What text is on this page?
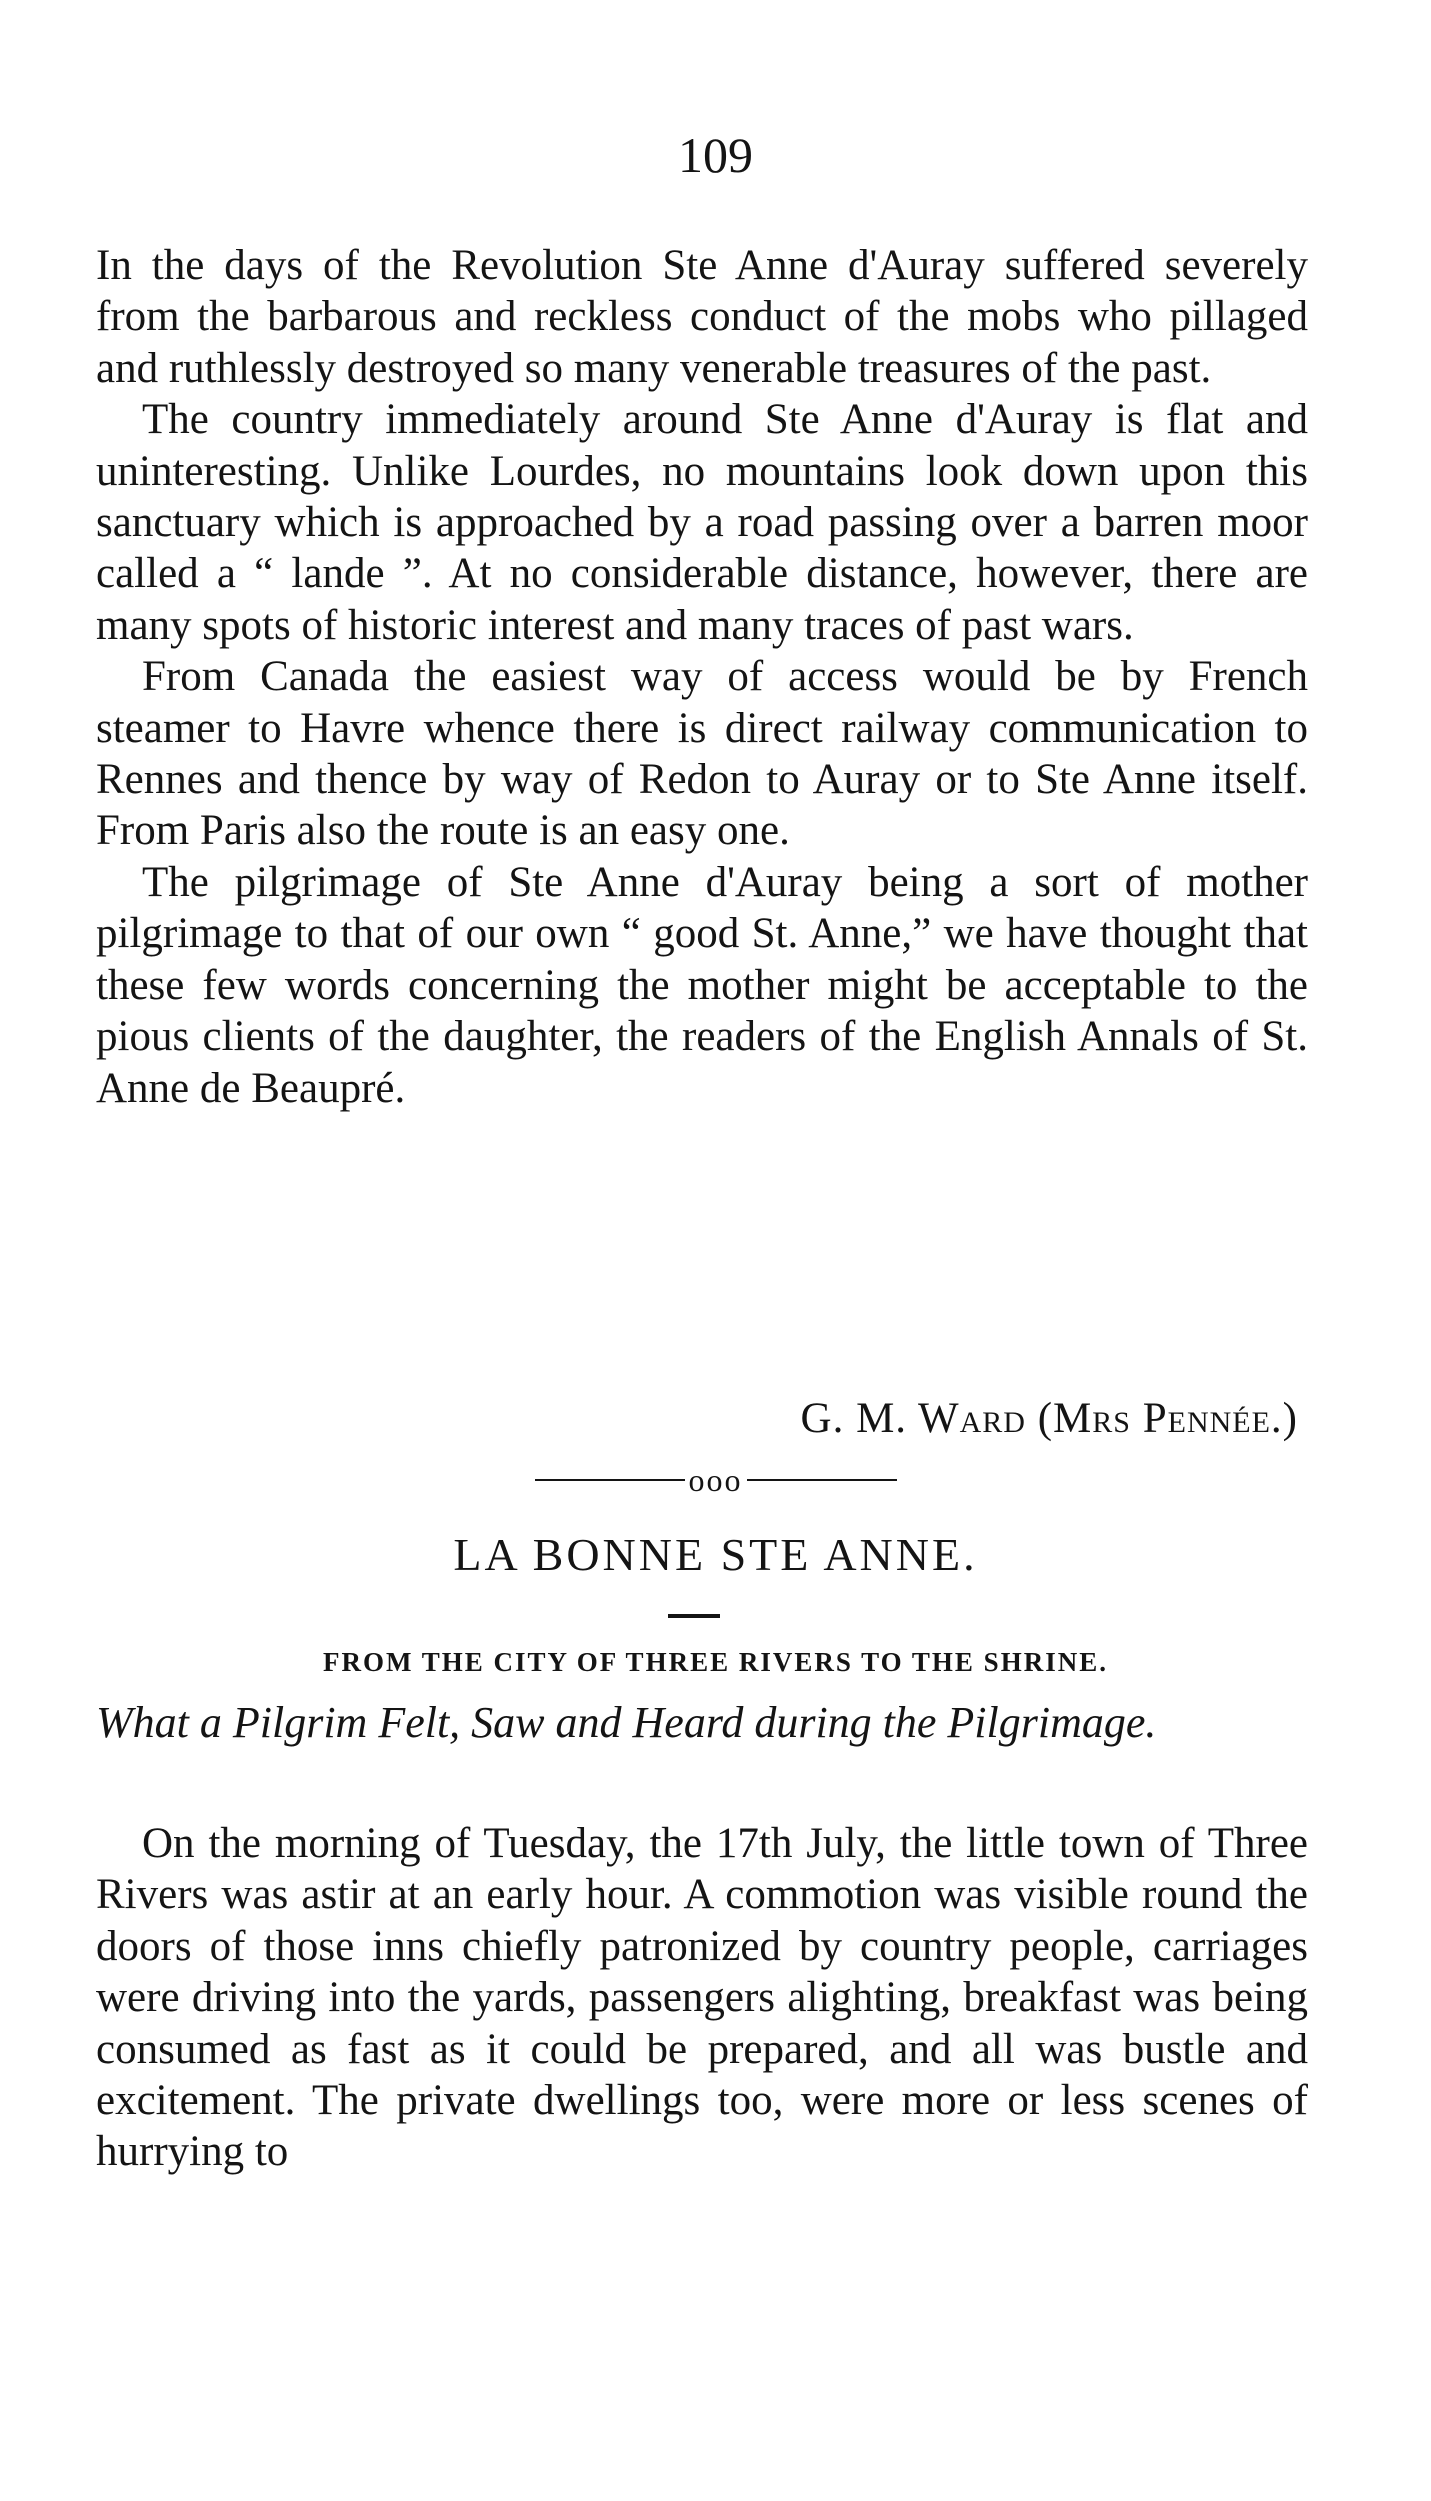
109

In the days of the Revolution Ste Anne d'Auray suffered severely from the barbarous and reckless conduct of the mobs who pillaged and ruthlessly destroyed so many venerable treasures of the past.

The country immediately around Ste Anne d'Auray is flat and uninteresting. Unlike Lourdes, no mountains look down upon this sanctuary which is approached by a road passing over a barren moor called a “ lande ”. At no considerable distance, however, there are many spots of historic interest and many traces of past wars.

From Canada the easiest way of access would be by French steamer to Havre whence there is direct railway communication to Rennes and thence by way of Redon to Auray or to Ste Anne itself. From Paris also the route is an easy one.

The pilgrimage of Ste Anne d'Auray being a sort of mother pilgrimage to that of our own “ good St. Anne,” we have thought that these few words concerning the mother might be acceptable to the pious clients of the daughter, the readers of the English Annals of St. Anne de Beaupré.

G. M. Ward (Mrs Pennée.)
ooo
LA BONNE STE ANNE.
FROM THE CITY OF THREE RIVERS TO THE SHRINE.
What a Pilgrim Felt, Saw and Heard during the Pilgrimage.

On the morning of Tuesday, the 17th July, the little town of Three Rivers was astir at an early hour. A commotion was visible round the doors of those inns chiefly patronized by country people, carriages were driving into the yards, passengers alighting, breakfast was being consumed as fast as it could be prepared, and all was bustle and excitement. The private dwellings too, were more or less scenes of hurrying to
